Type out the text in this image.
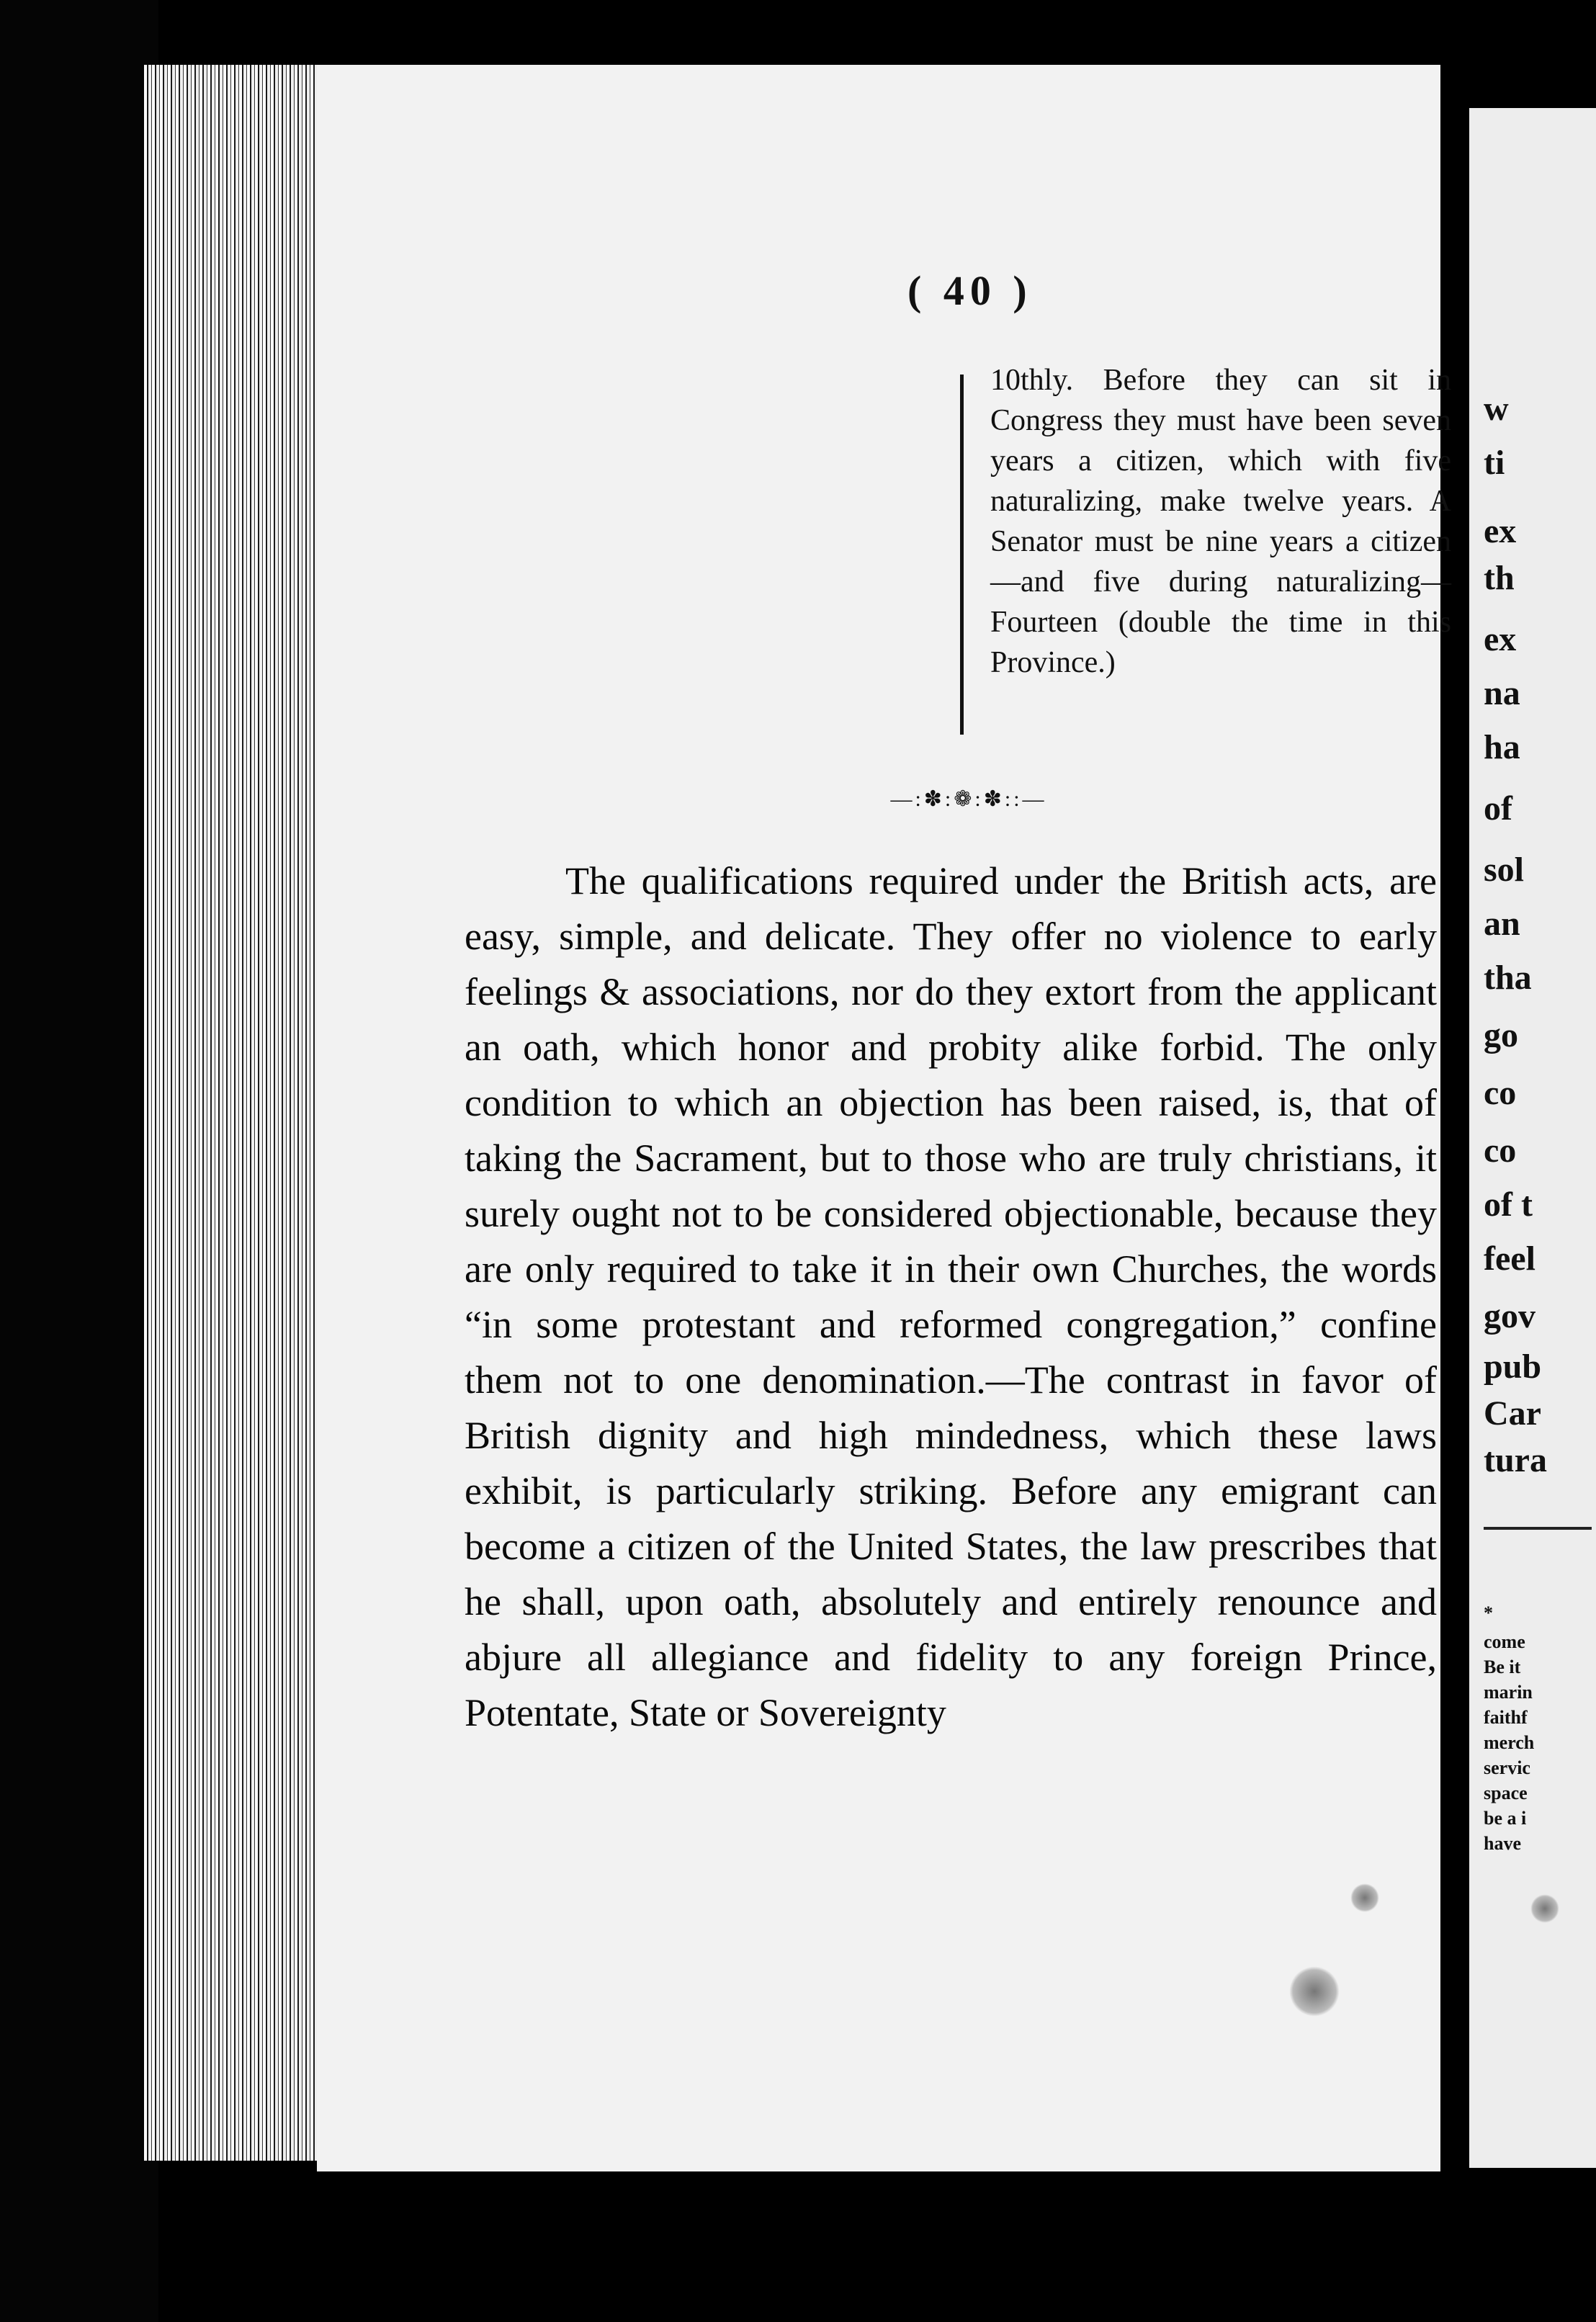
( 40 )

10thly. Before they can sit in Congress they must have been seven years a citizen, which with five naturalizing, make twelve years. A Senator must be nine years a citizen—and five during naturalizing—Fourteen (double the time in this Province.)

—:✽:❁:✽::—

The qualifications required under the British acts, are easy, simple, and delicate. They offer no violence to early feelings & associations, nor do they extort from the applicant an oath, which honor and probity alike forbid. The only condition to which an objection has been raised, is, that of taking the Sacrament, but to those who are truly christians, it surely ought not to be considered objectionable, because they are only required to take it in their own Churches, the words “in some protestant and reformed congregation,” confine them not to one denomination.—The contrast in favor of British dignity and high mindedness, which these laws exhibit, is particularly striking. Before any emigrant can become a citizen of the United States, the law prescribes that he shall, upon oath, absolutely and entirely renounce and abjure all allegiance and fidelity to any foreign Prince, Potentate, State or Sovereignty

w
ti
ex
th
ex
na
ha
of
sol
an
tha
go
co
co
of t
feel
gov
pub
Car
tura
*
come
Be it
marin
faithf
merch
servic
space
be a i
have
